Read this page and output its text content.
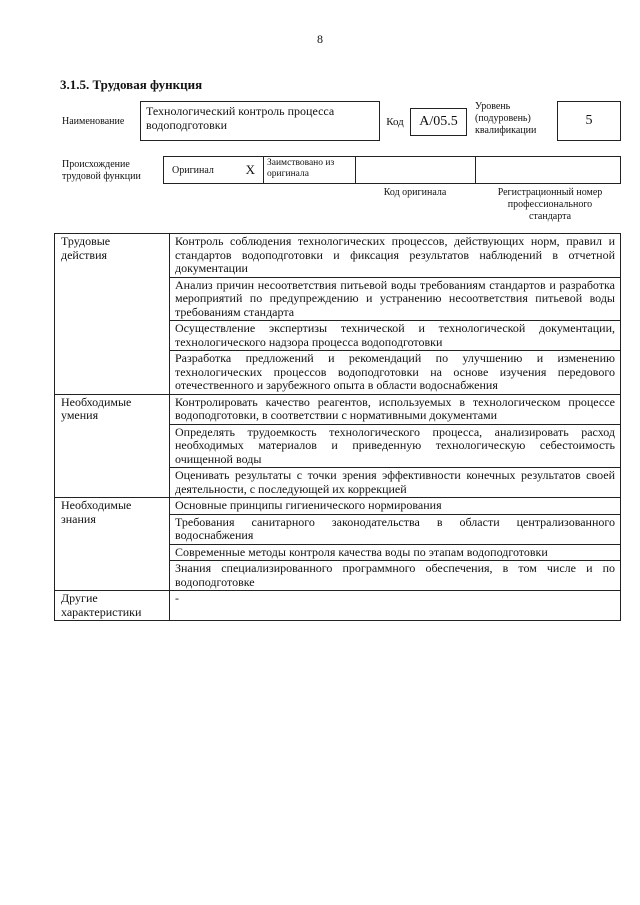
8
3.1.5. Трудовая функция
Наименование
Технологический контроль процесса водоподготовки	Код	А/05.5
Уровень
(подуровень)
квалификации
5
Происхождение
трудовой функции
Оригинал X Заимствовано из
оригинала
Код оригинала	Регистрационный номер
профессионального
стандарта
Трудовые
действия	Контроль соблюдения технологических процессов, действующих норм, правил и стандартов водоподготовки и фиксация результатов наблюдений в отчетной документации
	Анализ причин несоответствия питьевой воды требованиям стандартов и разработка мероприятий по предупреждению и устранению несоответствия питьевой воды требованиям стандарта
	Осуществление экспертизы технической и технологической документации, технологического надзора процесса водоподготовки
	Разработка предложений и рекомендаций по улучшению и изменению технологических процессов водоподготовки на основе изучения передового отечественного и зарубежного опыта в области водоснабжения

Необходимые
умения	Контролировать качество реагентов, используемых в технологическом процессе водоподготовки, в соответствии с нормативными документами
	Определять трудоемкость технологического процесса, анализировать расход необходимых материалов и приведенную технологическую себестоимость очищенной воды
	Оценивать результаты с точки зрения эффективности конечных результатов своей деятельности, с последующей их коррекцией

Необходимые
знания	Основные принципы гигиенического нормирования
	Требования санитарного законодательства в области централизованного водоснабжения
	Современные методы контроля качества воды по этапам водоподготовки
	Знания специализированного программного обеспечения, в том числе и по водоподготовке

Другие
характеристики	-
